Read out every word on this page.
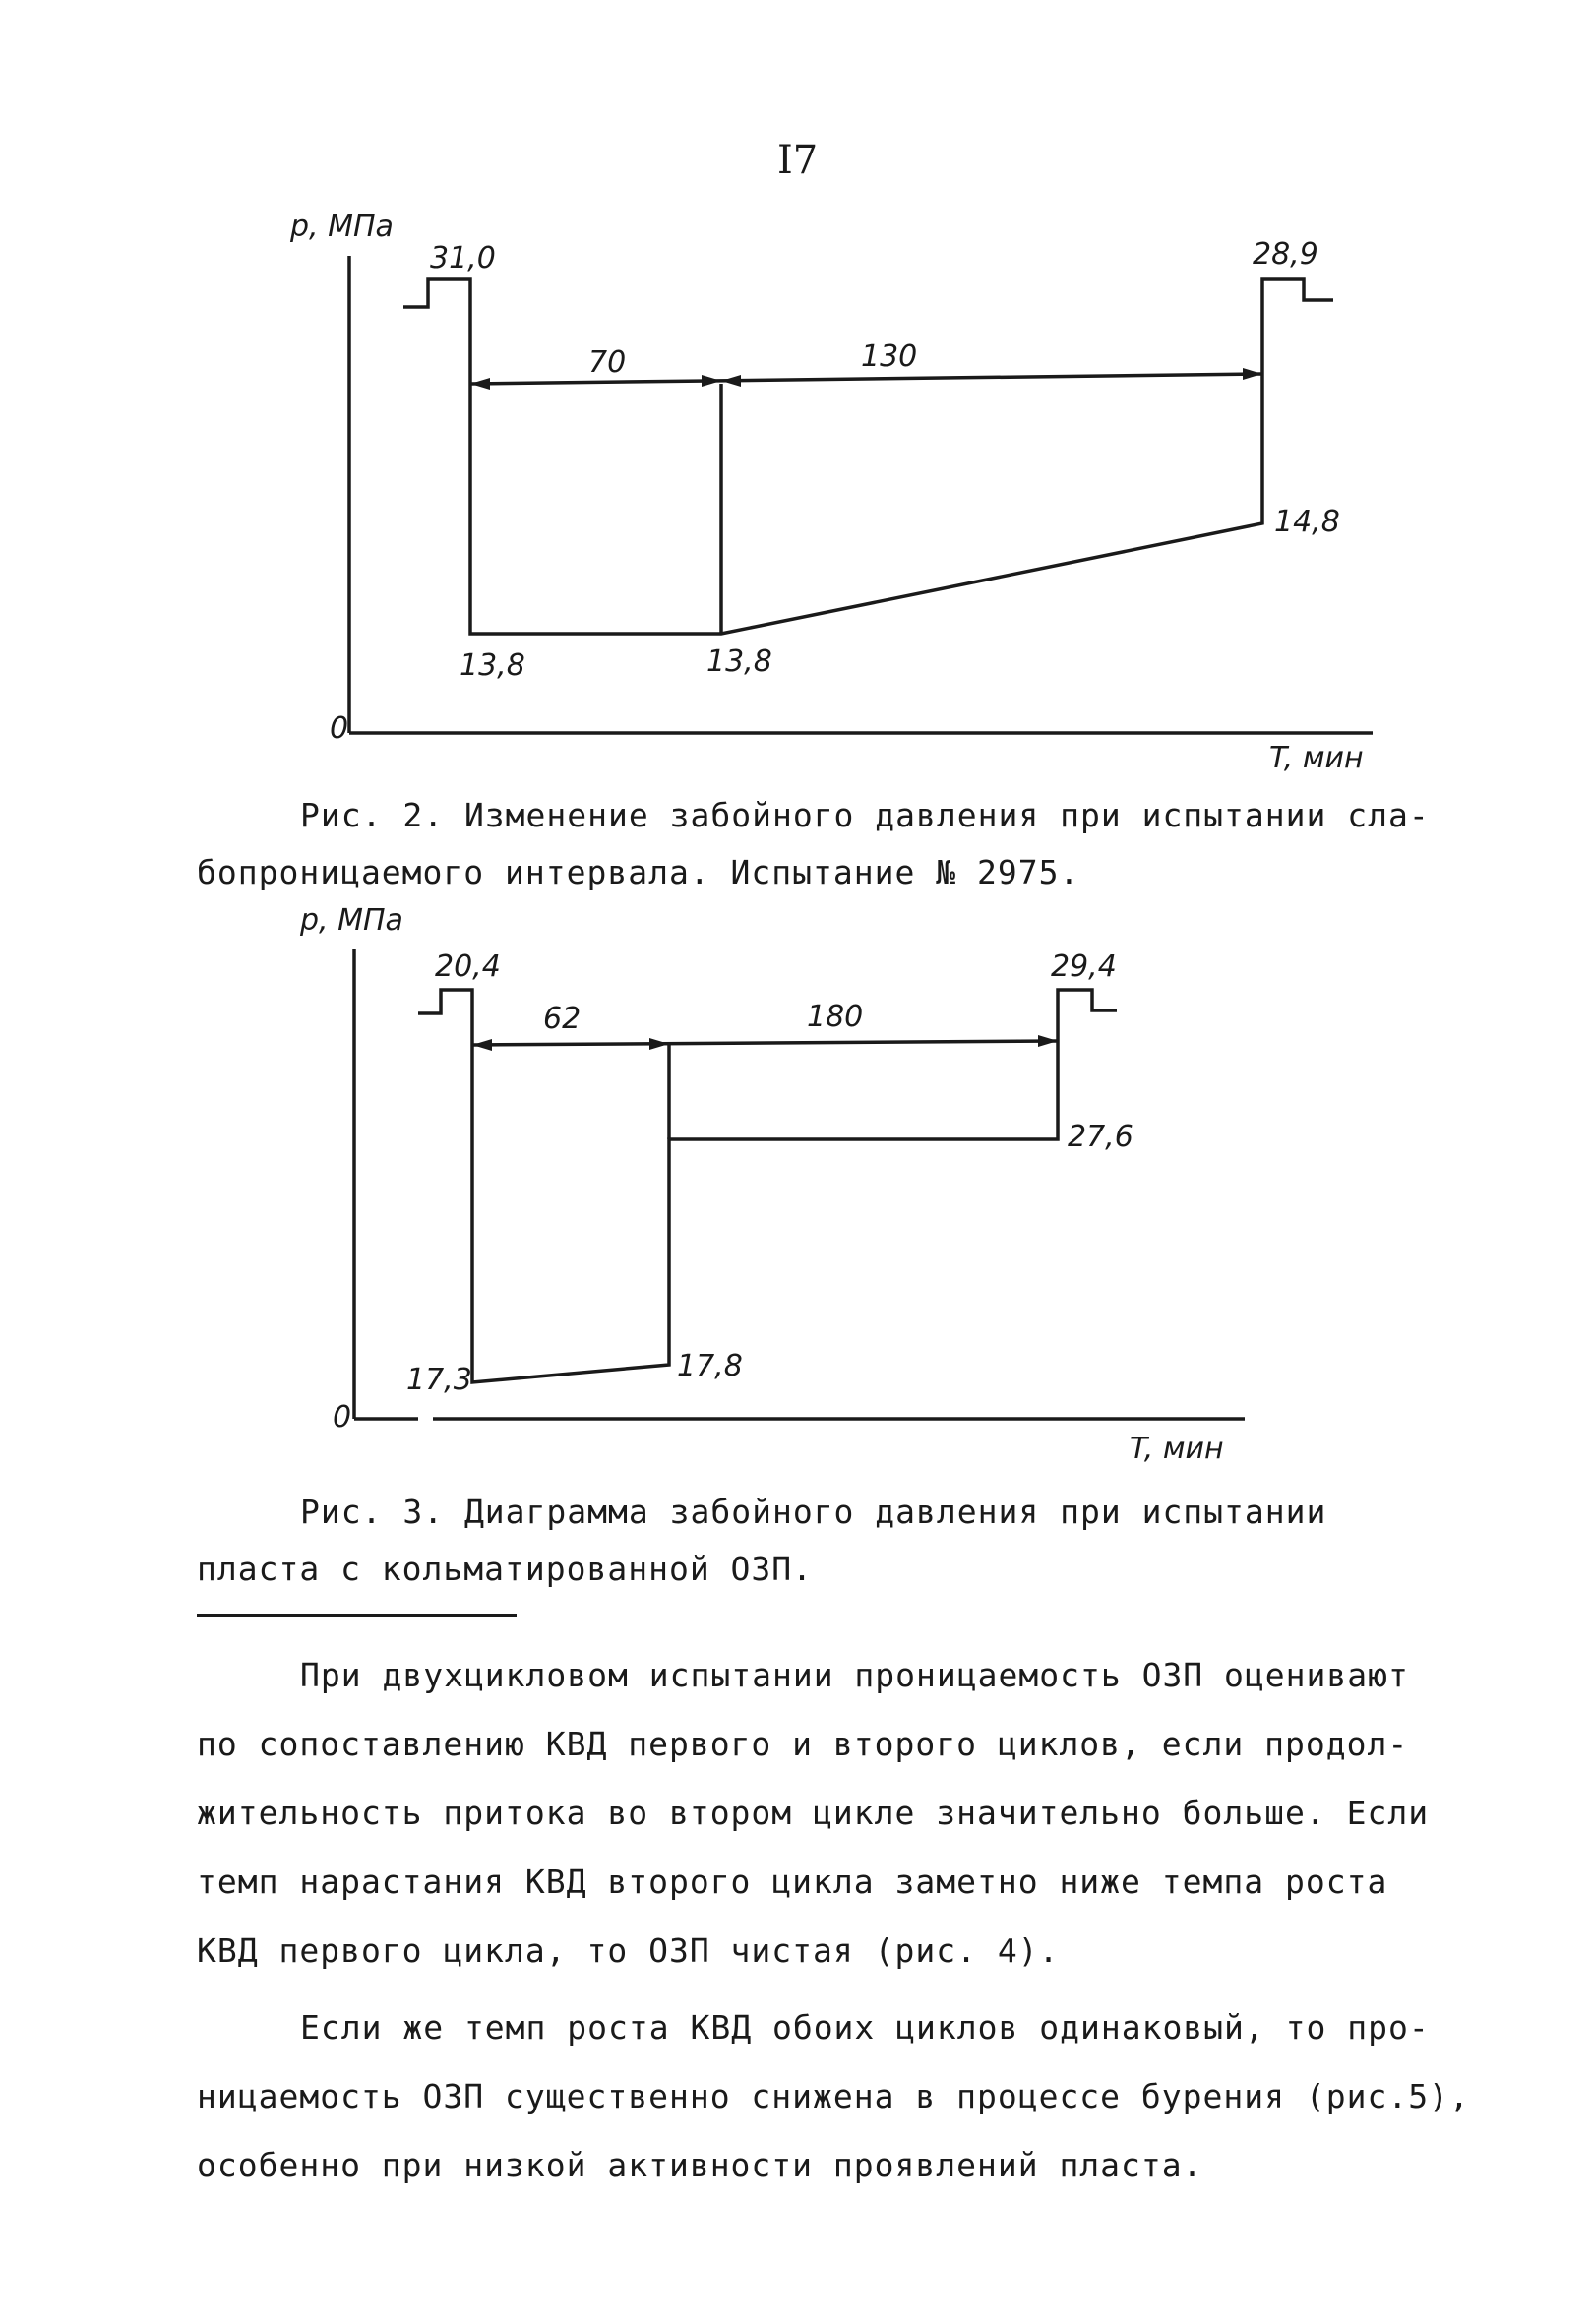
I7
p, МПа
T, мин
0
31,0	28,9
70	130
13,8	13,8
14,8

Рис. 2. Изменение забойного давления при испытании сла-

бопроницаемого интервала. Испытание № 2975.

p, МПа
T, мин
0
20,4	29,4
62	180
17,3	17,8
27,6

Рис. 3. Диаграмма забойного давления при испытании

пласта с кольматированной ОЗП.

При двухцикловом испытании проницаемость ОЗП оценивают

по сопоставлению КВД первого и второго циклов, если продол-

жительность притока во втором цикле значительно больше. Если

темп нарастания КВД второго цикла заметно ниже темпа роста

КВД первого цикла, то ОЗП чистая (рис. 4).

Если же темп роста КВД обоих циклов одинаковый, то про-

ницаемость ОЗП существенно снижена в процессе бурения (рис.5),

особенно при низкой активности проявлений пласта.
